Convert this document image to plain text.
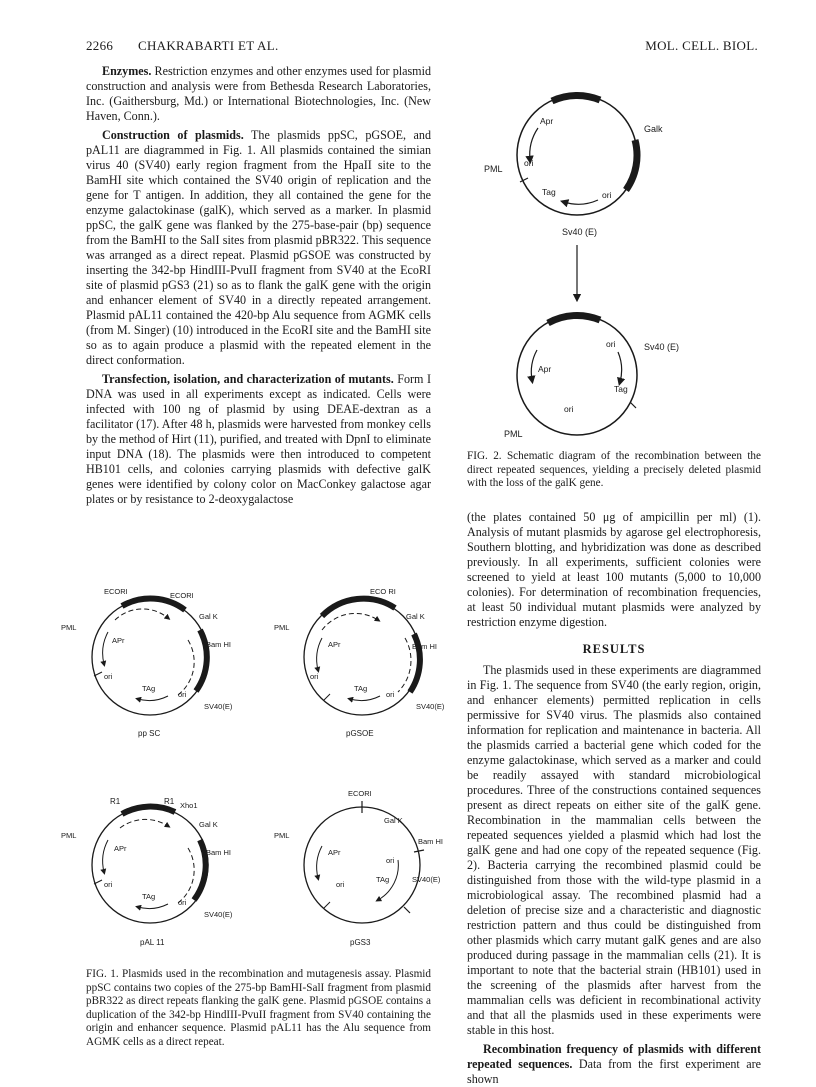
2266 CHAKRABARTI ET AL.	MOL. CELL. BIOL.

Enzymes. Restriction enzymes and other enzymes used for plasmid construction and analysis were from Bethesda Research Laboratories, Inc. (Gaithersburg, Md.) or International Biotechnologies, Inc. (New Haven, Conn.).

Construction of plasmids. The plasmids ppSC, pGSOE, and pAL11 are diagrammed in Fig. 1. All plasmids contained the simian virus 40 (SV40) early region fragment from the HpaII site to the BamHI site which contained the SV40 origin of replication and the gene for T antigen. In addition, they all contained the gene for the enzyme galactokinase (galK), which served as a marker. In plasmid ppSC, the galK gene was flanked by the 275-base-pair (bp) sequence from the BamHI to the SalI sites from plasmid pBR322. This sequence was arranged as a direct repeat. Plasmid pGSOE was constructed by inserting the 342-bp HindIII-PvuII fragment from SV40 at the EcoRI site of plasmid pGS3 (21) so as to flank the galK gene with the origin and enhancer element of SV40 in a directly repeated arrangement. Plasmid pAL11 contained the 420-bp Alu sequence from AGMK cells (from M. Singer) (10) introduced in the EcoRI site and the BamHI site so as to again produce a plasmid with the repeated element in the direct conformation.

Transfection, isolation, and characterization of mutants. Form I DNA was used in all experiments except as indicated. Cells were infected with 100 ng of plasmid by using DEAE-dextran as a facilitator (17). After 48 h, plasmids were harvested from monkey cells by the method of Hirt (11), purified, and treated with DpnI to eliminate input DNA (18). The plasmids were then introduced to competent HB101 cells, and colonies carrying plasmids with defective galK genes were identified by colony color on MacConkey galactose agar plates or by resistance to 2-deoxygalactose

(the plates contained 50 μg of ampicillin per ml) (1). Analysis of mutant plasmids by agarose gel electrophoresis, Southern blotting, and hybridization was done as described previously. In all experiments, sufficient colonies were screened to yield at least 100 mutants (5,000 to 10,000 colonies). For determination of recombination frequencies, at least 50 individual mutant plasmids were analyzed by restriction enzyme digestion.

RESULTS

The plasmids used in these experiments are diagrammed in Fig. 1. The sequence from SV40 (the early region, origin, and enhancer elements) permitted replication in cells permissive for SV40 virus. The plasmids also contained information for replication and maintenance in bacteria. All the plasmids carried a bacterial gene which coded for the enzyme galactokinase, which served as a marker and could be readily assayed with standard microbiological procedures. Three of the constructions contained sequences present as direct repeats on either site of the galK gene. Recombination in the mammalian cells between the repeated sequences yielded a plasmid which had lost the galK gene and had one copy of the repeated sequence (Fig. 2). Bacteria carrying the recombined plasmid could be distinguished from those with the wild-type plasmid in a microbiological assay. The recombined plasmid had a deletion of precise size and a characteristic and diagnostic restriction pattern and thus could be distinguished from other plasmids which carry mutant galK genes and are also produced during passage in the mammalian cells (21). It is important to note that the bacterial strain (HB101) used in the screening of the plasmids after harvest from the mammalian cells was deficient in recombinational activity and that all the plasmids used in these experiments were stable in this host.

Recombination frequency of plasmids with different repeated sequences. Data from the first experiment are shown

ECORI	ECORI
Gal K
Bam HI
PML
APr
ori
TAg
ori
SV40(E)
pp SC
ECO RI
Gal K
Bam HI
PML
APr
ori
TAg
ori
SV40(E)
pGSOE
R1	R1 Xho1
Gal K
Bam HI
PML
APr
ori
TAg
ori
SV40(E)
pAL 11
ECORI
Gal K
Bam HI
PML
APr
ori
TAg
ori
SV40(E)
pGS3
FIG. 1. Plasmids used in the recombination and mutagenesis assay. Plasmid ppSC contains two copies of the 275-bp BamHI-SalI fragment from plasmid pBR322 as direct repeats flanking the galK gene. Plasmid pGSOE contains a duplication of the 342-bp HindIII-PvuII fragment from SV40 containing the origin and enhancer sequence. Plasmid pAL11 has the Alu sequence from AGMK cells as a direct repeat.
Apr
Galk
PML
ori
Tag	ori
Sv40 (E)
ori	Sv40 (E)
Apr
Tag
ori
PML
FIG. 2. Schematic diagram of the recombination between the direct repeated sequences, yielding a precisely deleted plasmid with the loss of the galK gene.
